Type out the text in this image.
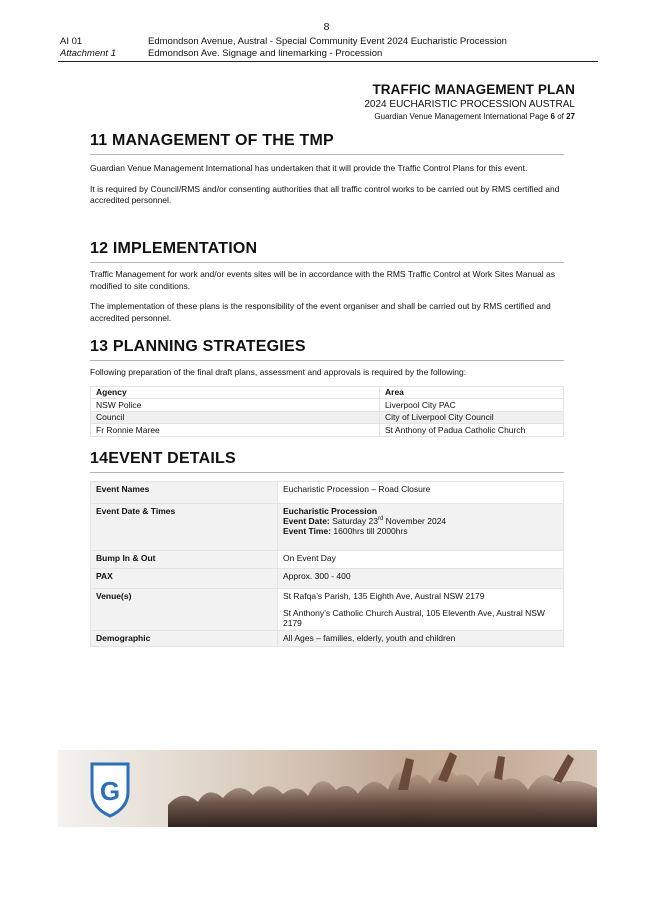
8
AI 01	Edmondson Avenue, Austral - Special Community Event 2024 Eucharistic Procession
Attachment 1	Edmondson Ave. Signage and linemarking - Procession
TRAFFIC MANAGEMENT PLAN
2024 EUCHARISTIC PROCESSION AUSTRAL
Guardian Venue Management International Page 6 of 27
11 MANAGEMENT OF THE TMP

Guardian Venue Management International has undertaken that it will provide the Traffic Control Plans for this event.

It is required by Council/RMS and/or consenting authorities that all traffic control works to be carried out by RMS certified and accredited personnel.

12 IMPLEMENTATION

Traffic Management for work and/or events sites will be in accordance with the RMS Traffic Control at Work Sites Manual as modified to site conditions.

The implementation of these plans is the responsibility of the event organiser and shall be carried out by RMS certified and accredited personnel.

13 PLANNING STRATEGIES

Following preparation of the final draft plans, assessment and approvals is required by the following:

Agency	Area
NSW Police	Liverpool City PAC
Council	City of Liverpool City Council
Fr Ronnie Maree	St Anthony of Padua Catholic Church
14EVENT DETAILS
Event Names	Eucharistic Procession – Road Closure
Event Date & Times	Eucharistic Procession
Event Date: Saturday 23rd November 2024
Event Time: 1600hrs till 2000hrs

Bump In & Out	On Event Day
PAX	Approx. 300 - 400
Venue(s)	St Rafqa’s Parish, 135 Eighth Ave, Austral NSW 2179
St Anthony’s Catholic Church Austral, 105 Eleventh Ave, Austral NSW 2179

Demographic	All Ages – families, elderly, youth and children
G
